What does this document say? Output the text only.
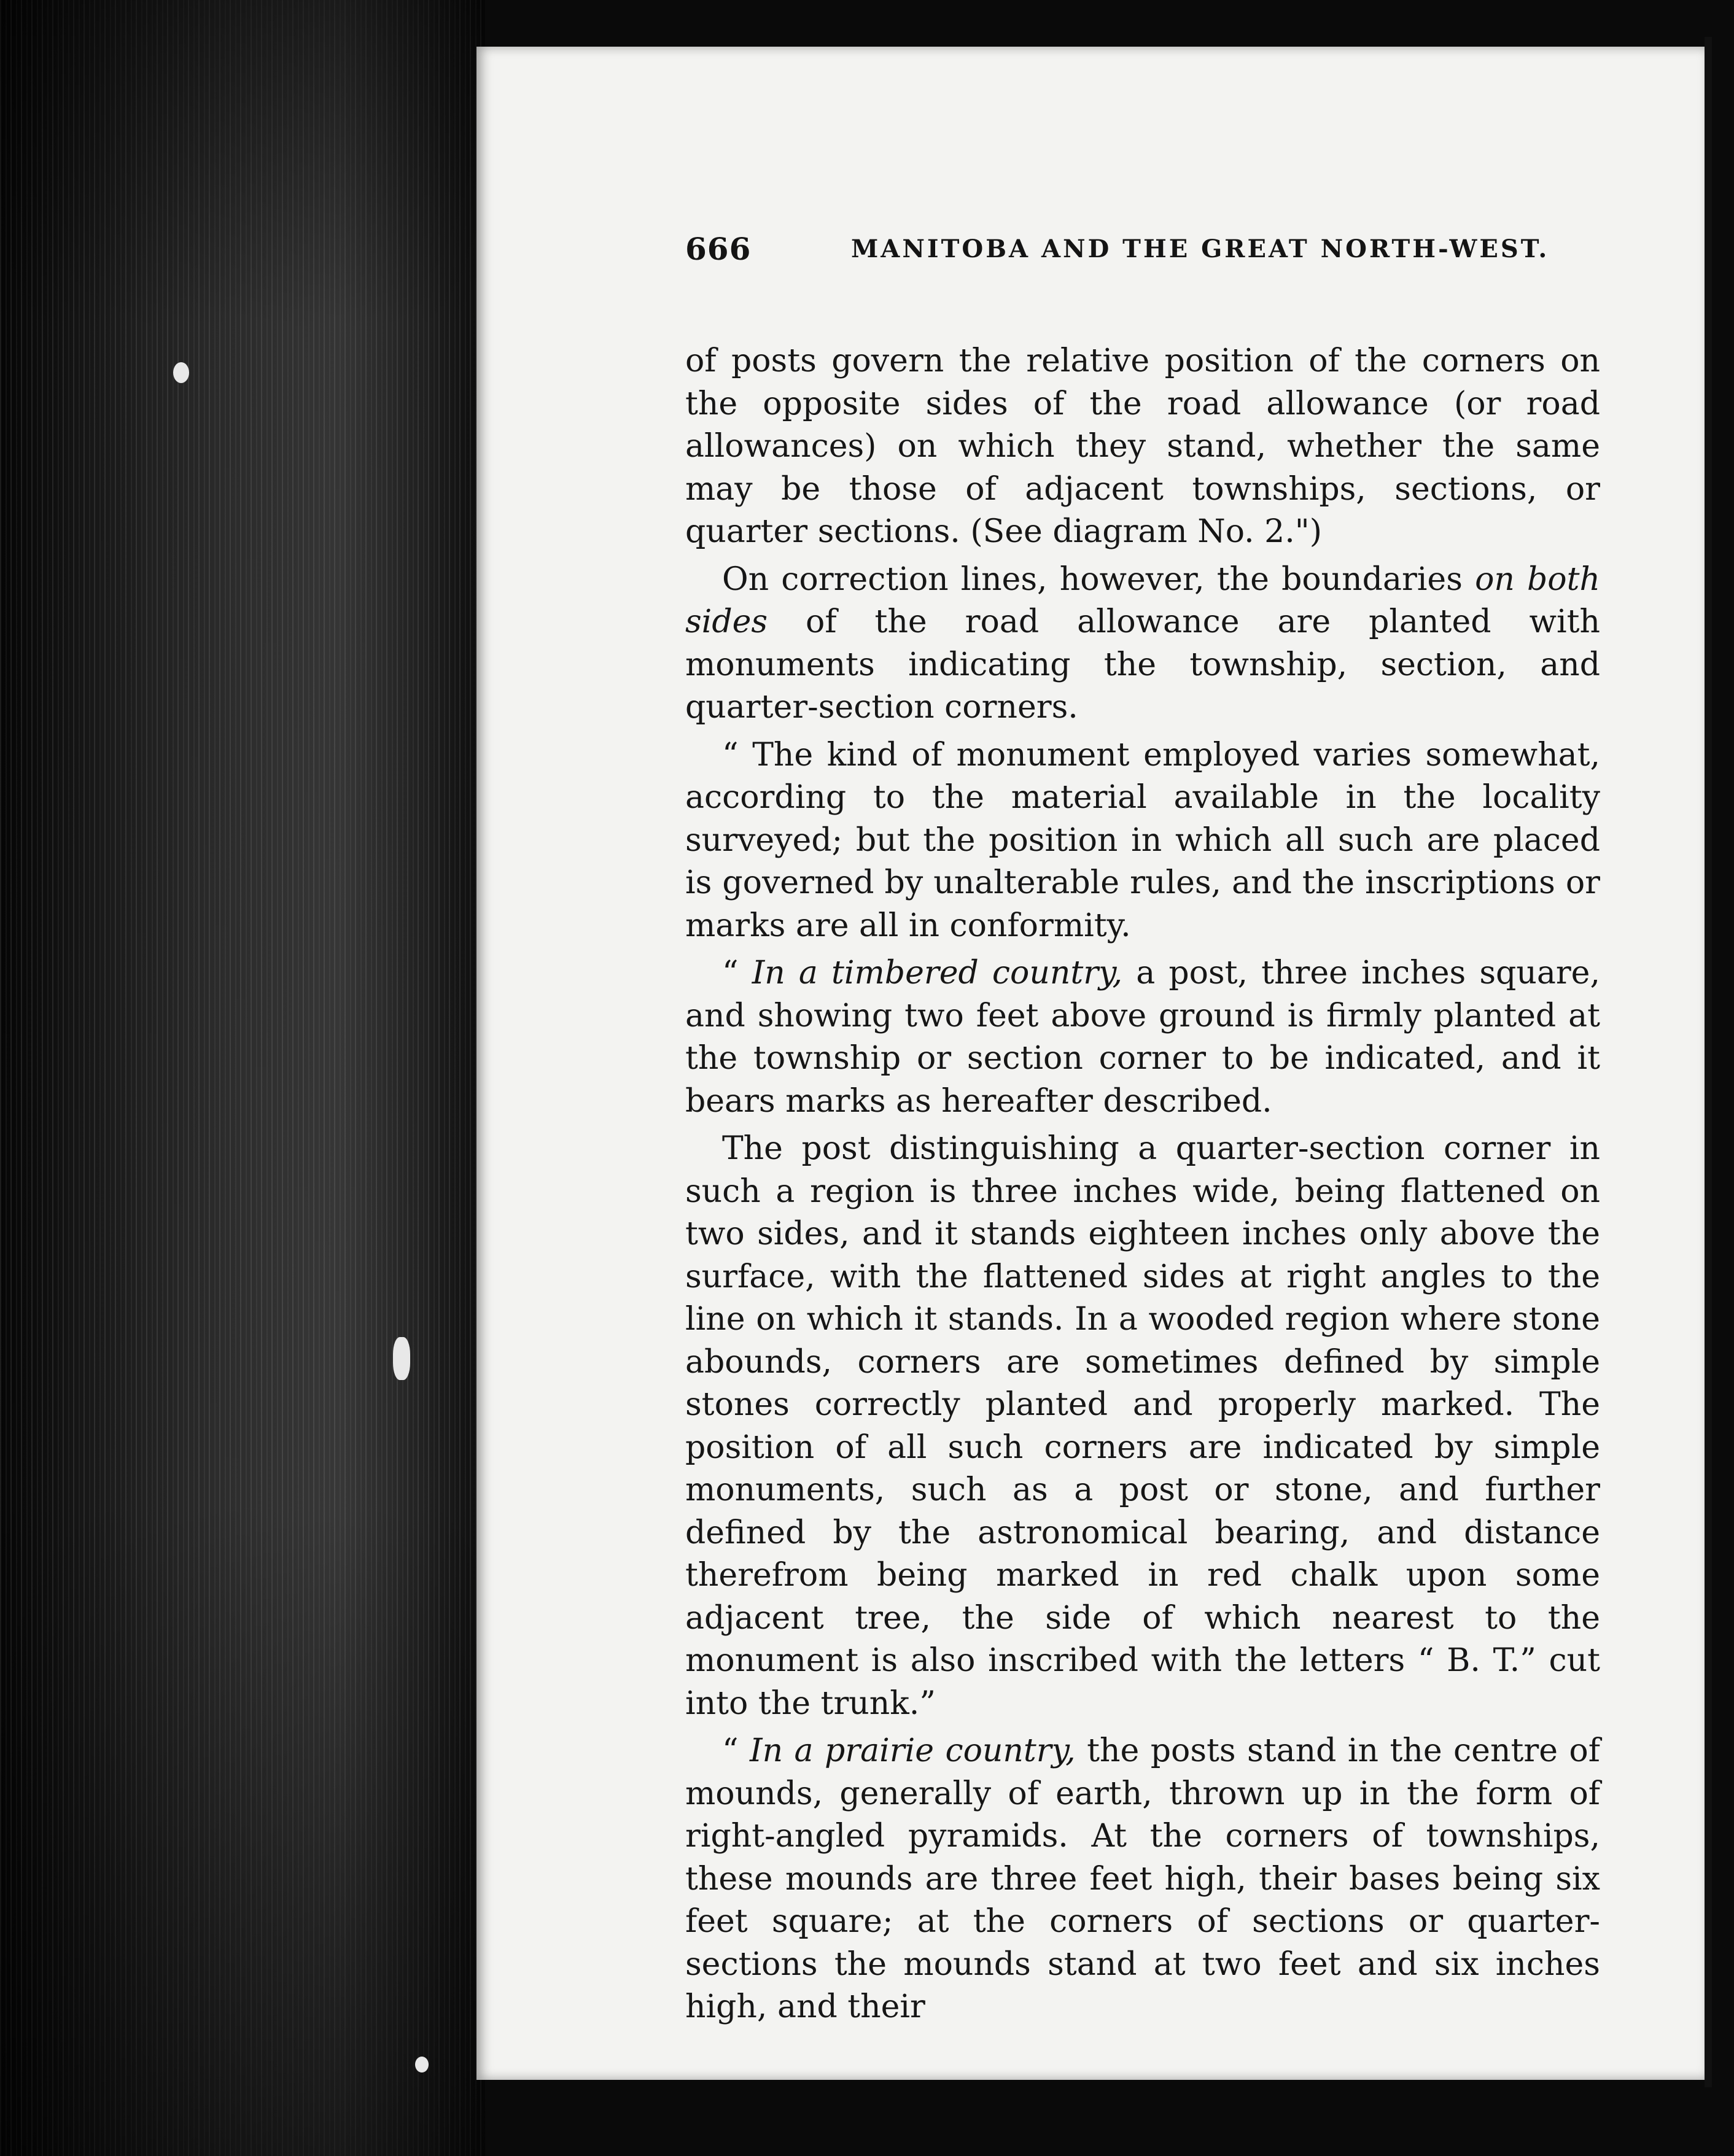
666	MANITOBA AND THE GREAT NORTH-WEST.

of posts govern the relative position of the corners on the opposite sides of the road allowance (or road allowances) on which they stand, whether the same may be those of adjacent townships, sections, or quarter sections. (See diagram No. 2.")

On correction lines, however, the boundaries on both sides of the road allowance are planted with monuments indicating the township, section, and quarter-section corners.

“ The kind of monument employed varies somewhat, according to the material available in the locality surveyed; but the position in which all such are placed is governed by unalterable rules, and the inscriptions or marks are all in conformity.

“ In a timbered country, a post, three inches square, and showing two feet above ground is firmly planted at the township or section corner to be indicated, and it bears marks as hereafter described.

The post distinguishing a quarter-section corner in such a region is three inches wide, being flattened on two sides, and it stands eighteen inches only above the surface, with the flattened sides at right angles to the line on which it stands. In a wooded region where stone abounds, corners are sometimes defined by simple stones correctly planted and properly marked. The position of all such corners are indicated by simple monuments, such as a post or stone, and further defined by the astronomical bearing, and distance therefrom being marked in red chalk upon some adjacent tree, the side of which nearest to the monument is also inscribed with the letters “ B. T.” cut into the trunk.”

“ In a prairie country, the posts stand in the centre of mounds, generally of earth, thrown up in the form of right-angled pyramids. At the corners of townships, these mounds are three feet high, their bases being six feet square; at the corners of sections or quarter-sections the mounds stand at two feet and six inches high, and their
